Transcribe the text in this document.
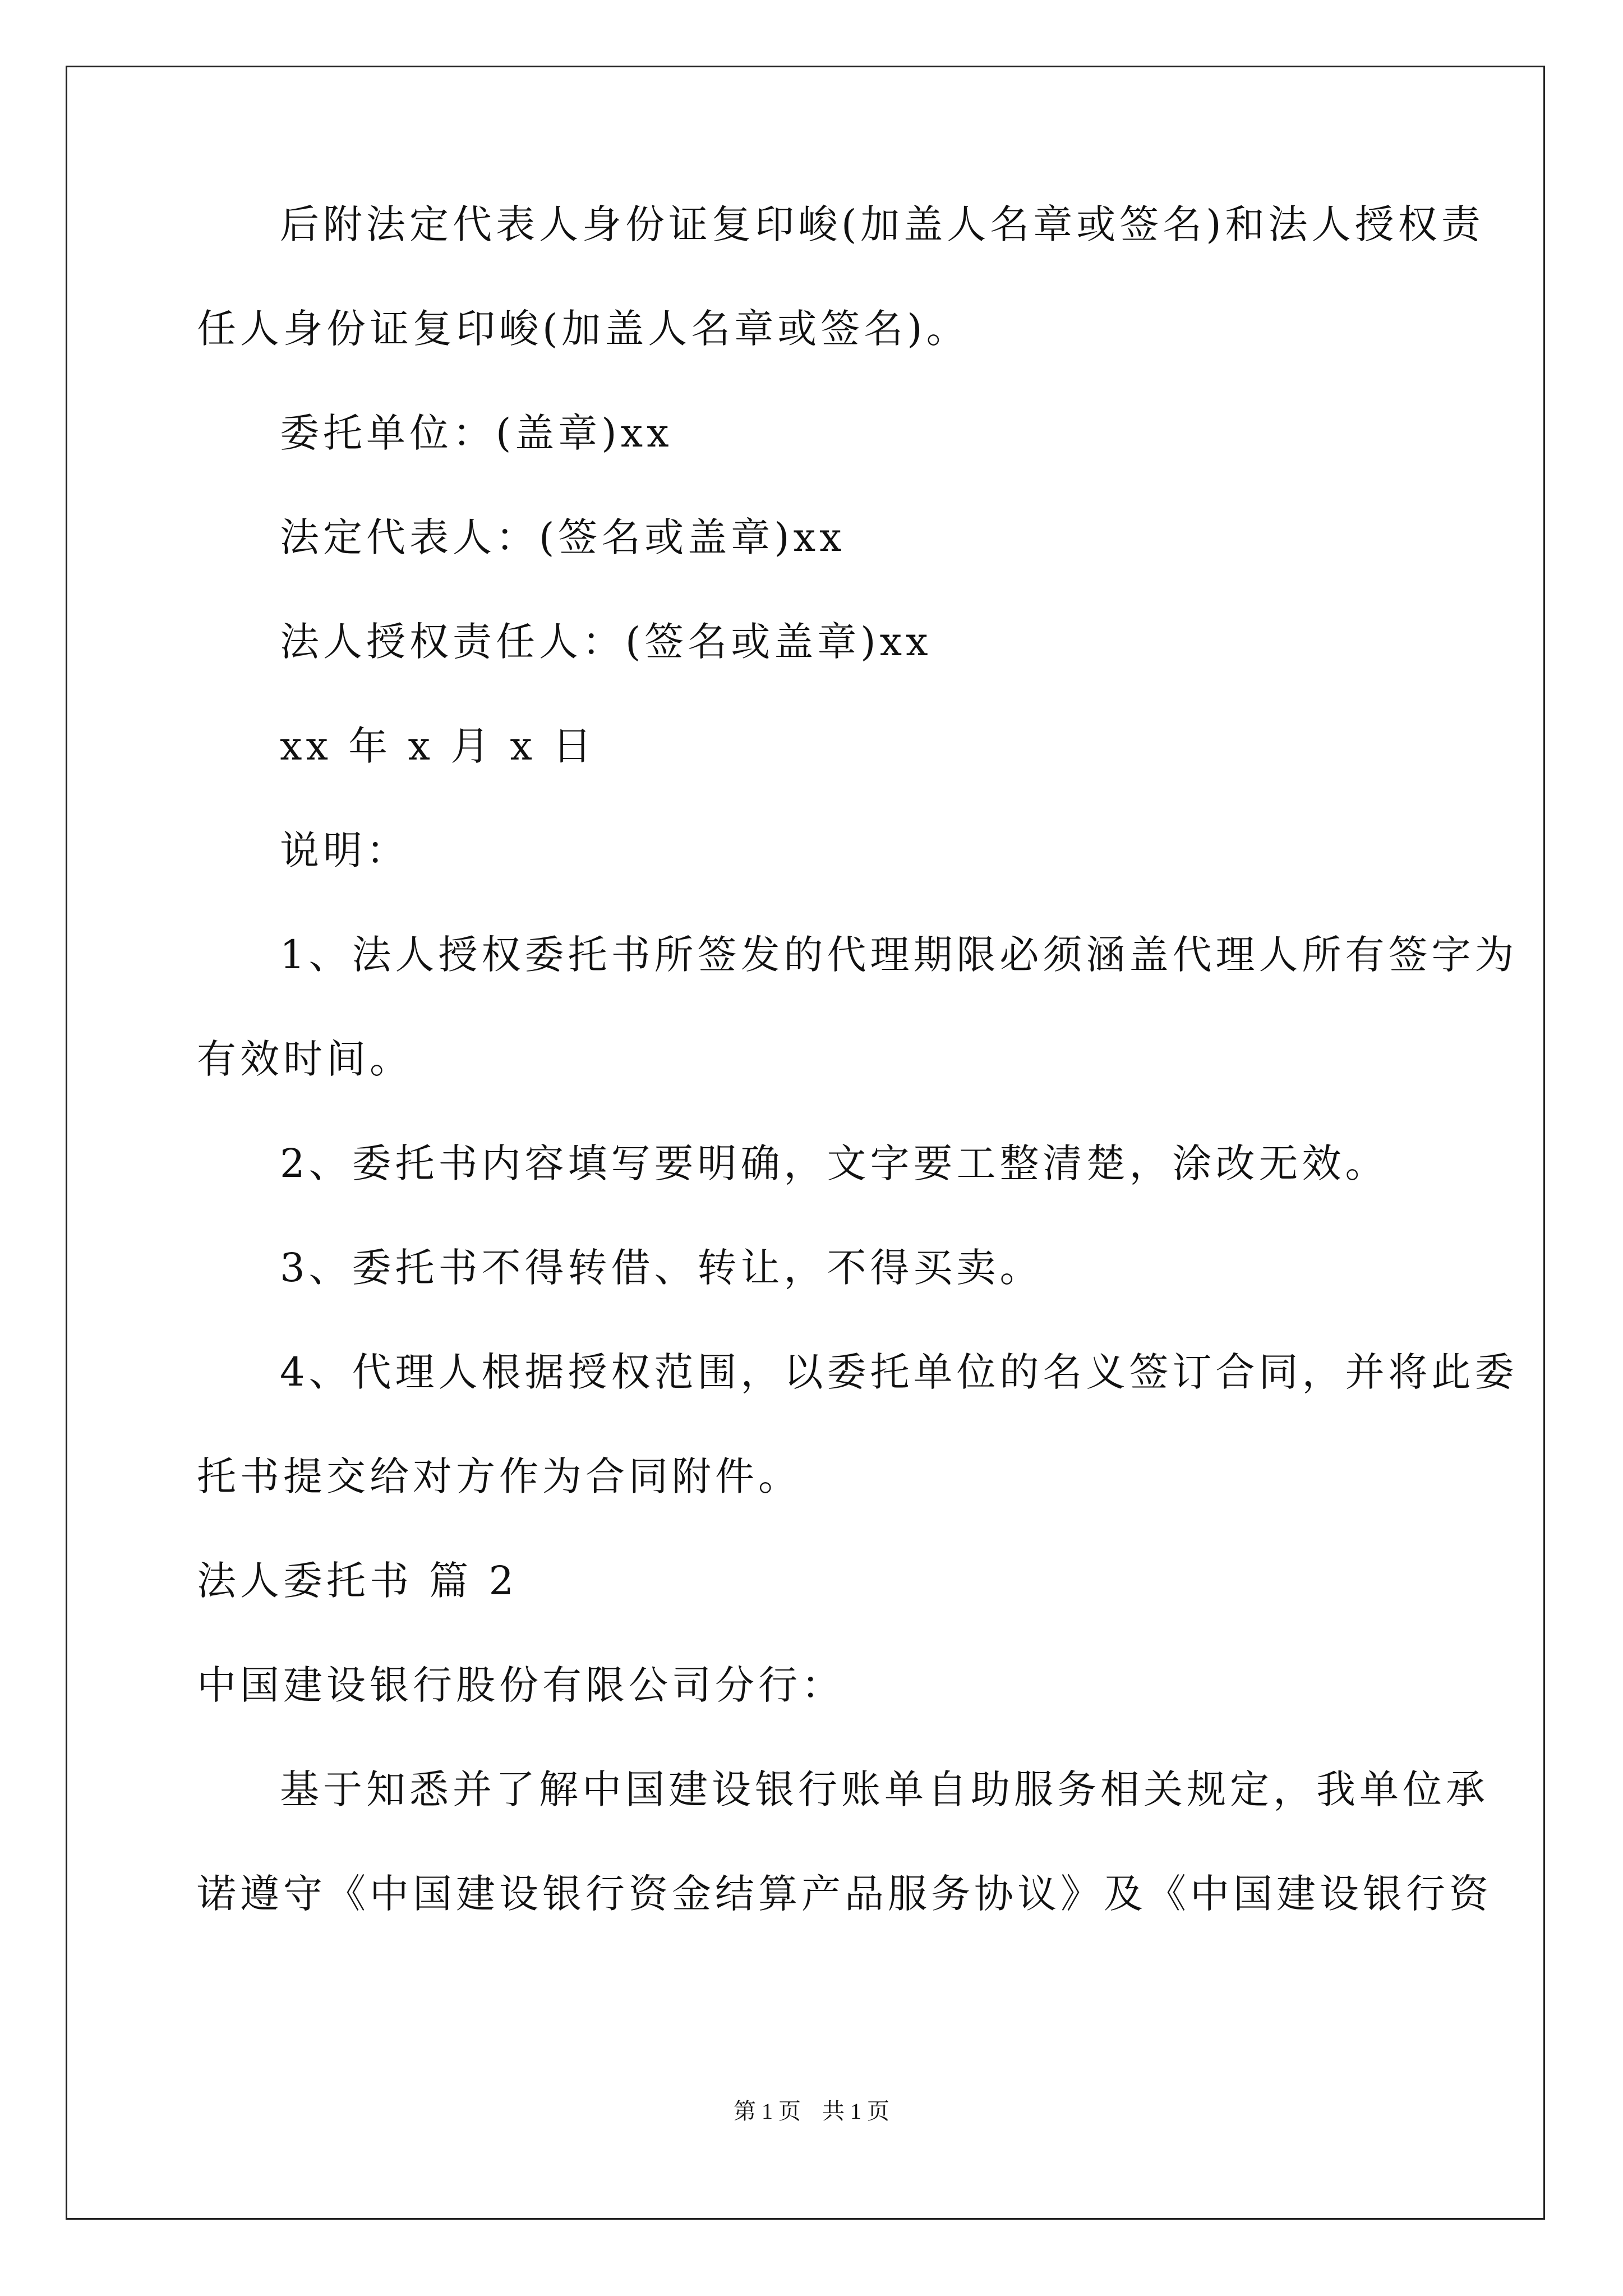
后附法定代表人身份证复印峻(加盖人名章或签名)和法人授权责
任人身份证复印峻(加盖人名章或签名)。
委托单位：(盖章)xx
法定代表人：(签名或盖章)xx
法人授权责任人：(签名或盖章)xx
xx 年 x 月 x 日
说明：
1、法人授权委托书所签发的代理期限必须涵盖代理人所有签字为
有效时间。
2、委托书内容填写要明确，文字要工整清楚，涂改无效。
3、委托书不得转借、转让，不得买卖。
4、代理人根据授权范围，以委托单位的名义签订合同，并将此委
托书提交给对方作为合同附件。
法人委托书 篇 2
中国建设银行股份有限公司分行：
基于知悉并了解中国建设银行账单自助服务相关规定，我单位承
诺遵守《中国建设银行资金结算产品服务协议》及《中国建设银行资
第 1 页 共 1 页
